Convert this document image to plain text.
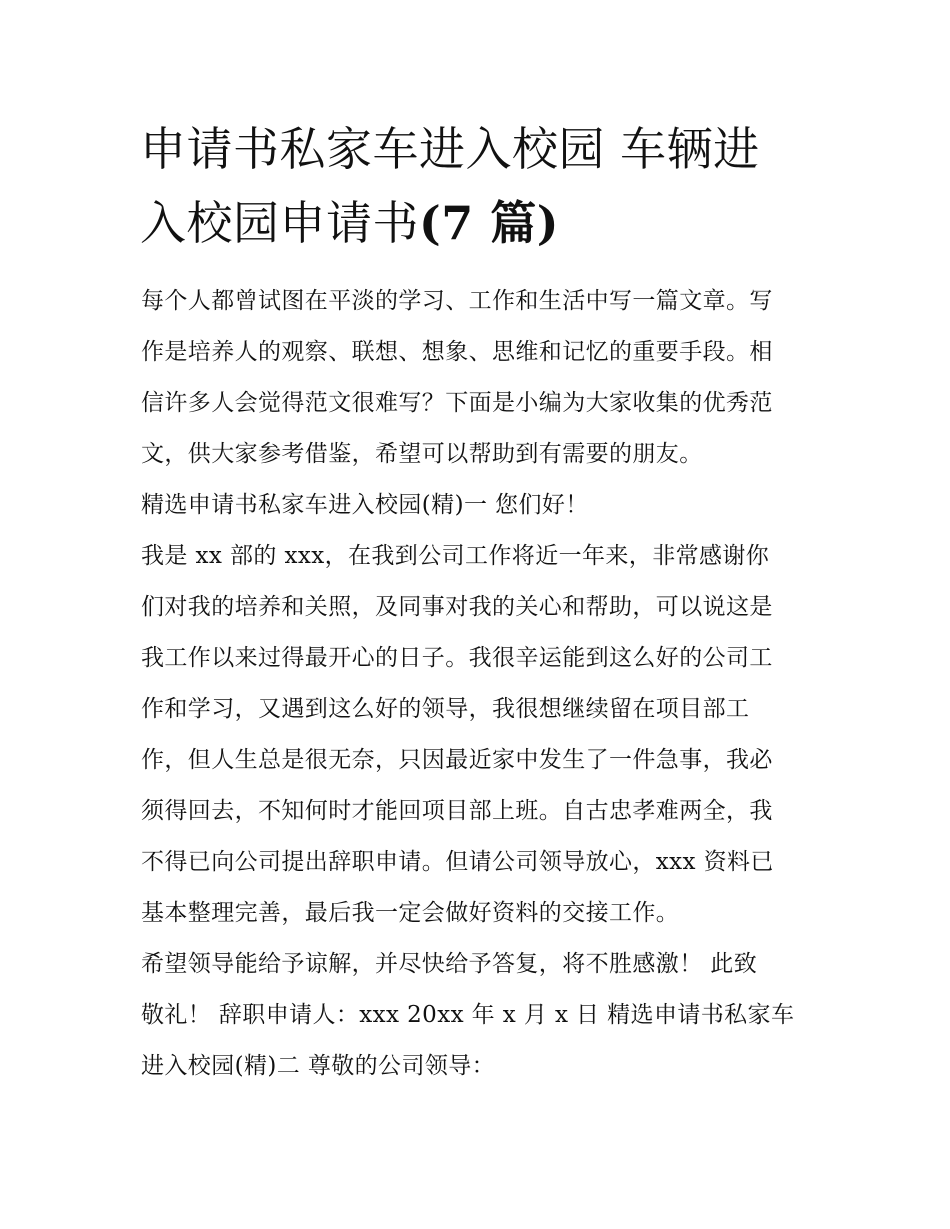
申请书私家车进入校园 车辆进
入校园申请书(7 篇)

每个人都曾试图在平淡的学习、工作和生活中写一篇文章。写
作是培养人的观察、联想、想象、思维和记忆的重要手段。相
信许多人会觉得范文很难写？下面是小编为大家收集的优秀范
文，供大家参考借鉴，希望可以帮助到有需要的朋友。

精选申请书私家车进入校园(精)一 您们好！

我是 xx 部的 xxx，在我到公司工作将近一年来，非常感谢你
们对我的培养和关照，及同事对我的关心和帮助，可以说这是
我工作以来过得最开心的日子。我很辛运能到这么好的公司工
作和学习，又遇到这么好的领导，我很想继续留在项目部工
作，但人生总是很无奈，只因最近家中发生了一件急事，我必
须得回去，不知何时才能回项目部上班。自古忠孝难两全，我
不得已向公司提出辞职申请。但请公司领导放心，xxx 资料已
基本整理完善，最后我一定会做好资料的交接工作。

希望领导能给予谅解，并尽快给予答复，将不胜感激！ 此致
敬礼！ 辞职申请人：xxx 20xx 年 x 月 x 日 精选申请书私家车
进入校园(精)二 尊敬的公司领导：
